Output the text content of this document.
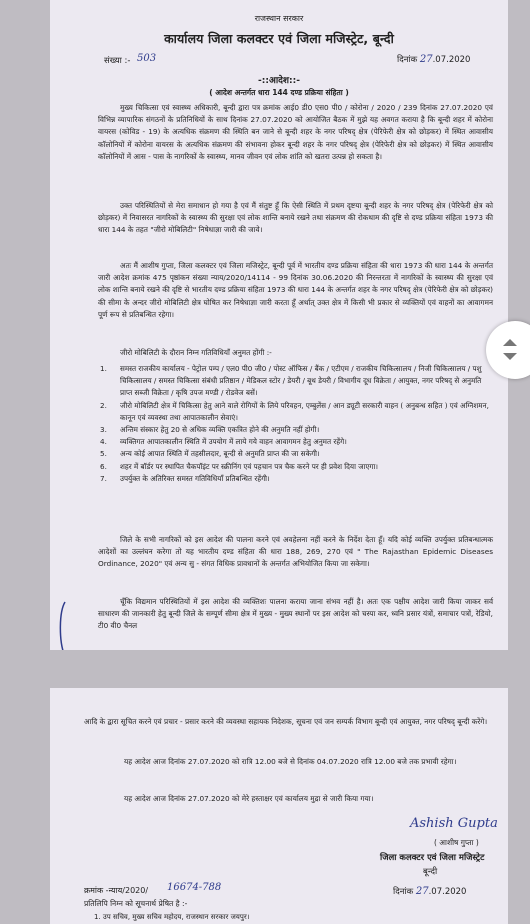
राजस्थान सरकार
कार्यालय जिला कलक्टर एवं जिला मजिस्ट्रेट, बून्दी
संख्या :- 503	दिनांक 27.07.2020
-::आदेश::-
( आदेश अन्तर्गत धारा 144 दण्ड प्रक्रिया संहिता )
मुख्य चिकित्सा एवं स्वास्थ्य अधिकारी, बून्दी द्वारा पत्र क्रमांक आई0 डी0 एस0 पी0 / कोरोना / 2020 / 239 दिनांक 27.07.2020 एवं विभिन्न व्यापारिक संगठनों के प्रतिनिधियों के साथ दिनांक 27.07.2020 को आयोजित बैठक में मुझे यह अवगत कराया है कि बून्दी शहर में कोरोना वायरस (कोविड - 19) के अत्यधिक संक्रमण की स्थिति बन जाने से बून्दी शहर के नगर परिषद् क्षेत्र (पेरिफेरी क्षेत्र को छोड़कर) में स्थित आवासीय कॉलोनियों में कोरोना वायरस के अत्यधिक संक्रमण की संभावना होकर बून्दी शहर के नगर परिषद् क्षेत्र (पेरिफेरी क्षेत्र को छोड़कर) में स्थित आवासीय कॉलोनियों में आस - पास के नागरिकों के स्वास्थ्य, मानव जीवन एवं लोक शांति को खतरा उत्पन्न हो सकता है।
उक्त परिस्थितियों से मेरा समाधान हो गया है एवं मैं संतुष्ट हूँ कि ऐसी स्थिति में प्रथम दृष्टया बून्दी शहर के नगर परिषद् क्षेत्र (पेरिफेरी क्षेत्र को छोड़कर) में निवासरत नागरिकों के स्वास्थ्य की सुरक्षा एवं लोक शान्ति बनाये रखने तथा संक्रमण की रोकथाम की दृष्टि से दण्ड प्रक्रिया संहिता 1973 की धारा 144 के तहत "जीरो मोबिलिटी" निषेधाज्ञा जारी की जावे।
अतः मैं आशीष गुप्ता, जिला कलक्टर एवं जिला मजिस्ट्रेट, बून्दी पूर्व में भारतीय दण्ड प्रक्रिया संहिता की धारा 1973 की धारा 144 के अन्तर्गत जारी आदेश क्रमांक 475 पृष्ठांकन संख्या न्याय/2020/14114 - 99 दिनांक 30.06.2020 की निरन्तरता में नागरिकों के स्वास्थ्य की सुरक्षा एवं लोक शान्ति बनाये रखने की दृष्टि से भारतीय दण्ड प्रक्रिया संहिता 1973 की धारा 144 के अन्तर्गत शहर के नगर परिषद् क्षेत्र (पेरिफेरी क्षेत्र को छोड़कर) की सीमा के अन्दर जीरो मोबिलिटी क्षेत्र घोषित कर निषेधाज्ञा जारी करता हूँ अर्थात् उक्त क्षेत्र में किसी भी प्रकार से व्यक्तियों एवं वाहनों का आवागमन पूर्ण रूप से प्रतिबन्धित रहेगा।
जीरो मोबिलिटी के दौरान निम्न गतिविधियाँ अनुमत होंगी :-
1.	समस्त राजकीय कार्यालय - पेट्रोल पम्प / एल0 पी0 जी0 / पोस्ट ऑफिस / बैंक / एटीएम / राजकीय चिकित्सालय / निजी चिकित्सालय / पशु चिकित्सालय / समस्त चिकित्सा संबंधी प्रतिष्ठान / मेडिकल स्टोर / डेयरी / बूथ डेयरी / विभागीय दूध विक्रेता / आयुक्त, नगर परिषद् से अनुमति प्राप्त सब्जी विक्रेता / कृषि उपज मण्डी / रोडवेज बसें।
2.	जीरो मोबिलिटी क्षेत्र में चिकित्सा हेतु आने वाले रोगियों के लिये परिवहन, एम्बुलेंस / आन ड्यूटी सरकारी वाहन ( अनुबन्ध सहित ) एवं अग्निशमन, कानून एवं व्यवस्था तथा आपातकालीन सेवाएं।
3.	अन्तिम संस्कार हेतु 20 से अधिक व्यक्ति एकत्रित होने की अनुमति नहीं होगी।
4.	व्यक्तिगत आपातकालीन स्थिति में उपयोग में लाये गये वाहन आवागमन हेतु अनुमत रहेंगे।
5.	अन्य कोई आपात स्थिति में तहसीलदार, बून्दी से अनुमति प्राप्त की जा सकेगी।
6.	शहर में बॉर्डर पर स्थापित चैकपॉइंट पर स्क्रीनिंग एवं पहचान पत्र चैक करने पर ही प्रवेश दिया जाएगा।
7.	उपर्युक्त के अतिरिक्त समस्त गतिविधियाँ प्रतिबन्धित रहेंगी।
जिले के सभी नागरिकों को इस आदेश की पालना करने एवं अवहेलना नहीं करने के निर्देश देता हूँ। यदि कोई व्यक्ति उपर्युक्त प्रतिबन्धात्मक आदेशों का उल्लंघन करेगा तो यह भारतीय दण्ड संहिता की धारा 188, 269, 270 एवं " The Rajasthan Epidemic Diseases Ordinance, 2020" एवं अन्य सु - संगत विधिक प्रावधानों के अन्तर्गत अभियोजित किया जा सकेगा।
चूँकि विद्यमान परिस्थितियों में इस आदेश की व्यक्तिशः पालना कराया जाना संभव नहीं है। अतः एक पक्षीय आदेश जारी किया जाकर सर्व साधारण की जानकारी हेतु बून्दी जिले के सम्पूर्ण सीमा क्षेत्र में मुख्य - मुख्य स्थानों पर इस आदेश को चस्पा कर, ध्वनि प्रसार यंत्रों, समाचार पत्रों, रेडियो, टी0 वी0 चैनल
आदि के द्वारा सूचित करने एवं प्रचार - प्रसार करने की व्यवस्था सहायक निदेशक, सूचना एवं जन सम्पर्क विभाग बून्दी एवं आयुक्त, नगर परिषद् बून्दी करेंगे।
यह आदेश आज दिनांक 27.07.2020 को रात्रि 12.00 बजे से दिनांक 04.07.2020 रात्रि 12.00 बजे तक प्रभावी रहेगा।
यह आदेश आज दिनांक 27.07.2020 को मेरे हस्ताक्षर एवं कार्यालय मुद्रा से जारी किया गया।
Ashish Gupta
( आशीष गुप्ता )
जिला कलक्टर एवं जिला मजिस्ट्रेट
बून्दी
क्रमांक -न्याय/2020/ 16674-788	दिनांक 27.07.2020
प्रतिलिपि निम्न को सूचनार्थ प्रेषित है :-
1. उप सचिव, मुख्य सचिव महोदय, राजस्थान सरकार जयपुर।
